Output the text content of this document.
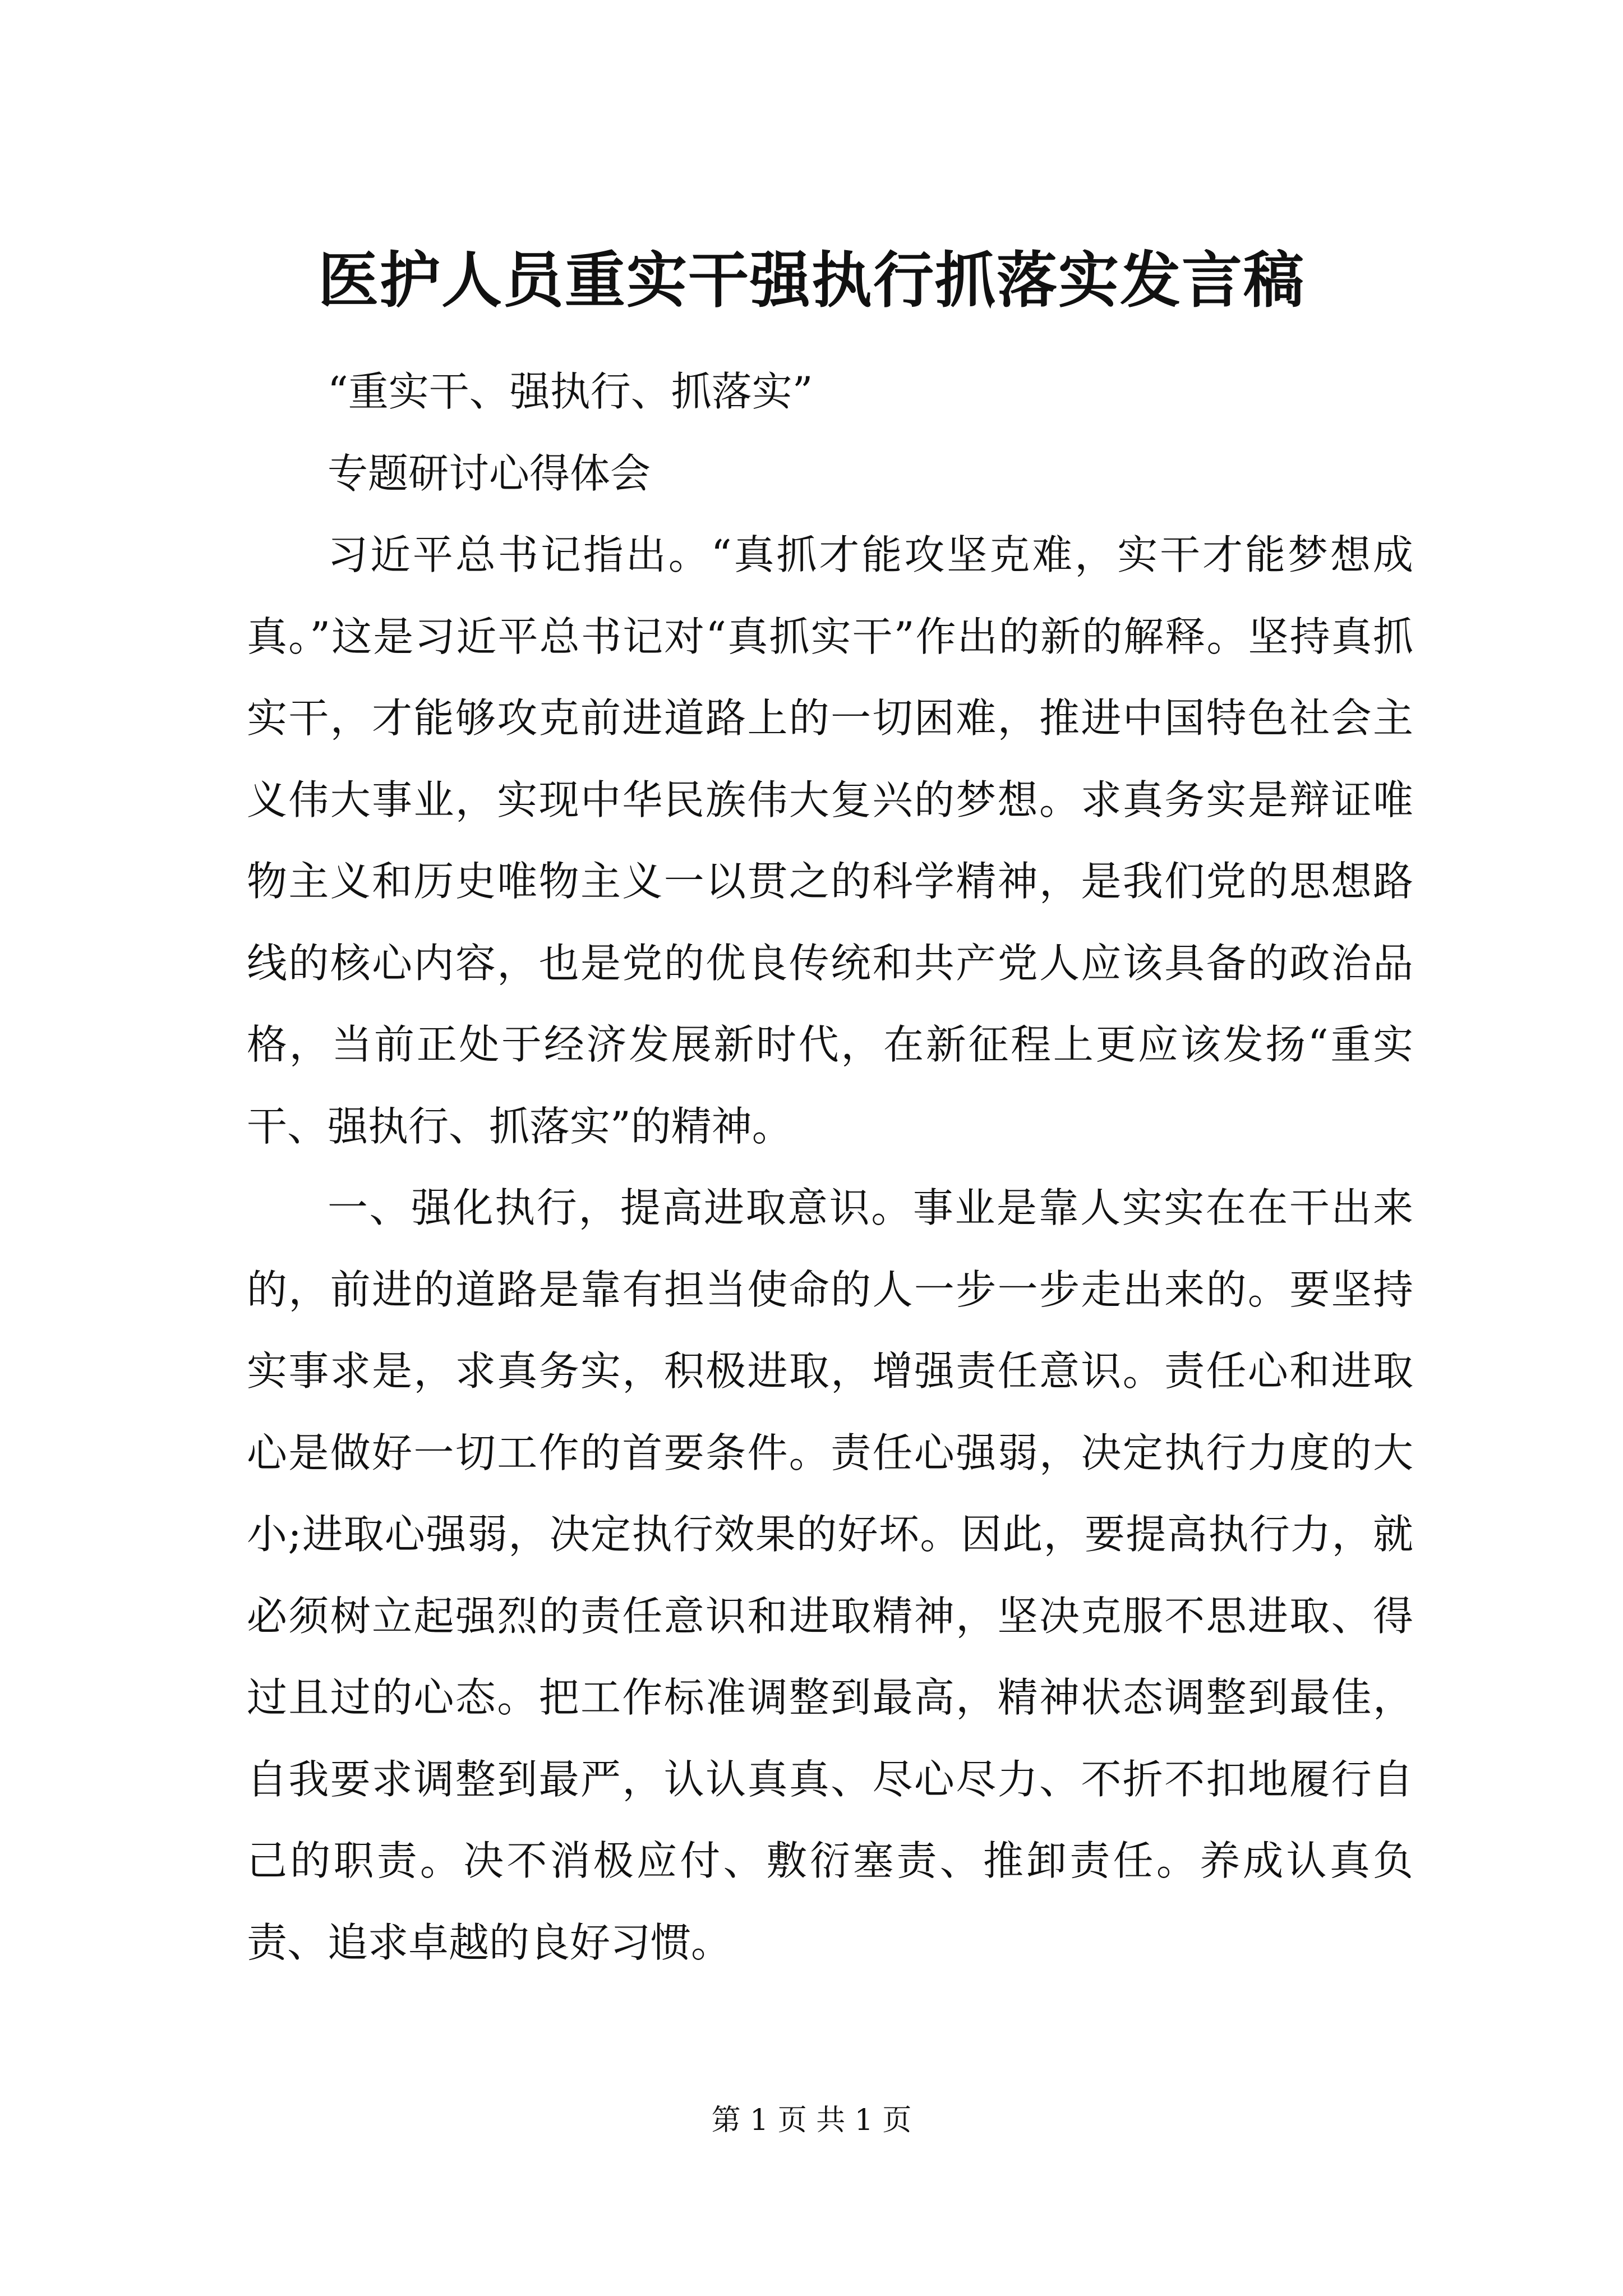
医护人员重实干强执行抓落实发言稿

“重实干、强执行、抓落实”

专题研讨心得体会

习近平总书记指出。“真抓才能攻坚克难，实干才能梦想成真。”这是习近平总书记对“真抓实干”作出的新的解释。坚持真抓实干，才能够攻克前进道路上的一切困难，推进中国特色社会主义伟大事业，实现中华民族伟大复兴的梦想。求真务实是辩证唯物主义和历史唯物主义一以贯之的科学精神，是我们党的思想路线的核心内容，也是党的优良传统和共产党人应该具备的政治品格，当前正处于经济发展新时代，在新征程上更应该发扬“重实干、强执行、抓落实”的精神。

一、强化执行，提高进取意识。事业是靠人实实在在干出来的，前进的道路是靠有担当使命的人一步一步走出来的。要坚持实事求是，求真务实，积极进取，增强责任意识。责任心和进取心是做好一切工作的首要条件。责任心强弱，决定执行力度的大小;进取心强弱，决定执行效果的好坏。因此，要提高执行力，就必须树立起强烈的责任意识和进取精神，坚决克服不思进取、得过且过的心态。把工作标准调整到最高，精神状态调整到最佳，自我要求调整到最严，认认真真、尽心尽力、不折不扣地履行自己的职责。决不消极应付、敷衍塞责、推卸责任。养成认真负责、追求卓越的良好习惯。

第 1 页 共 1 页
